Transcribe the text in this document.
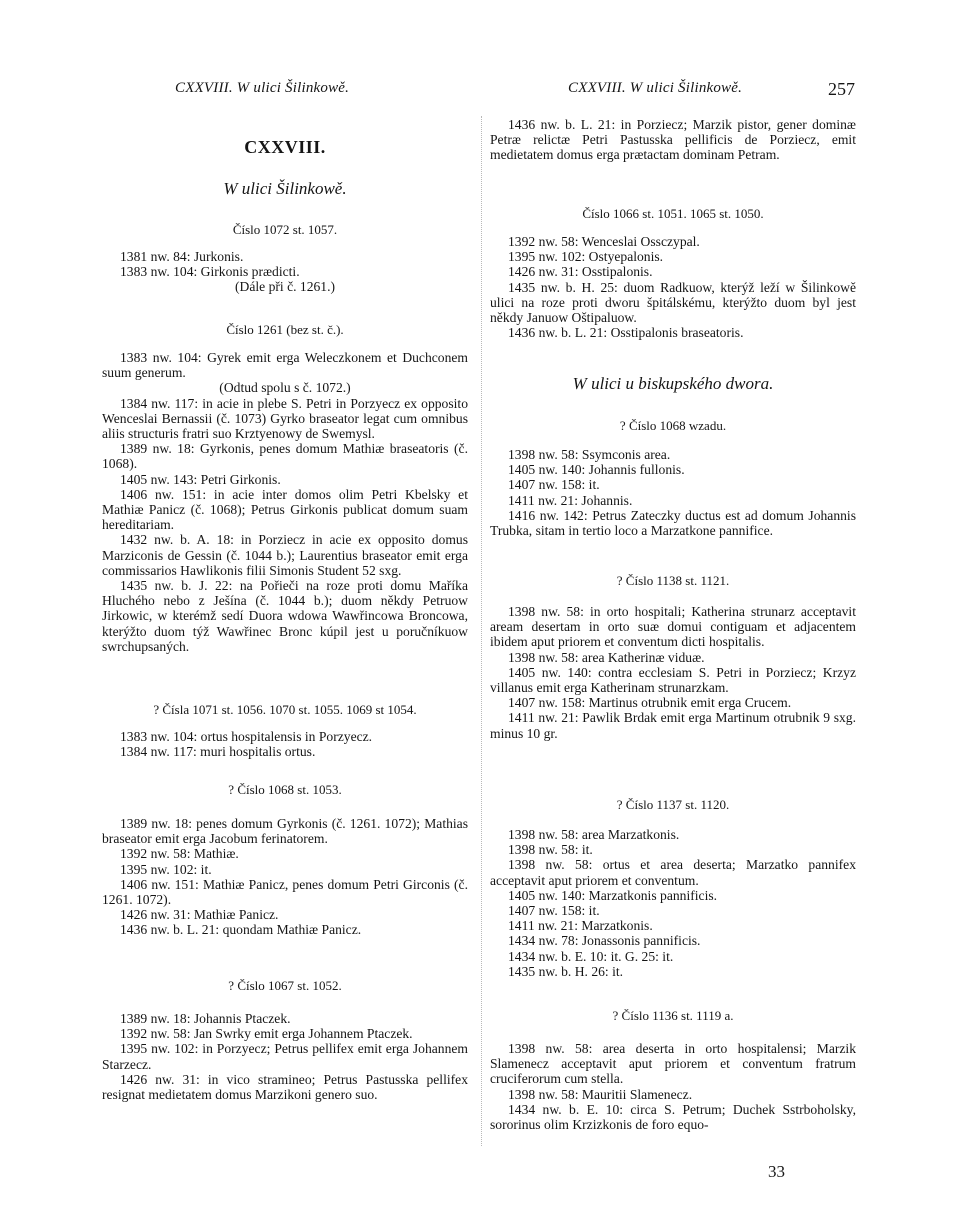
CXXVIII. W ulici Šilinkowě.	CXXVIII. W ulici Šilinkowě.	257
CXXVIII.
W ulici Šilinkowě.
Číslo 1072 st. 1057.

1381 nw. 84: Jurkonis.

1383 nw. 104: Girkonis prædicti.

(Dále při č. 1261.)

Číslo 1261 (bez st. č.).

1383 nw. 104: Gyrek emit erga Weleczkonem et Duchconem suum generum.

(Odtud spolu s č. 1072.)

1384 nw. 117: in acie in plebe S. Petri in Porzyecz ex opposito Wenceslai Bernassii (č. 1073) Gyrko braseator legat cum omnibus aliis structuris fratri suo Krztyenowy de Swemysl.

1389 nw. 18: Gyrkonis, penes domum Mathiæ braseatoris (č. 1068).

1405 nw. 143: Petri Girkonis.

1406 nw. 151: in acie inter domos olim Petri Kbelsky et Mathiæ Panicz (č. 1068); Petrus Girkonis publicat domum suam hereditariam.

1432 nw. b. A. 18: in Porziecz in acie ex opposito domus Marziconis de Gessin (č. 1044 b.); Laurentius braseator emit erga commissarios Hawlikonis filii Simonis Student 52 sxg.

1435 nw. b. J. 22: na Pořieči na roze proti domu Maříka Hluchého nebo z Ješína (č. 1044 b.); duom někdy Petruow Jirkowic, w kterémž sedí Duora wdowa Wawřincowa Broncowa, kterýžto duom týž Wawřinec Bronc kúpil jest u poručníkuow swrchupsaných.

? Čísla 1071 st. 1056. 1070 st. 1055. 1069 st 1054.

1383 nw. 104: ortus hospitalensis in Porzyecz.

1384 nw. 117: muri hospitalis ortus.

? Číslo 1068 st. 1053.

1389 nw. 18: penes domum Gyrkonis (č. 1261. 1072); Mathias braseator emit erga Jacobum ferinatorem.

1392 nw. 58: Mathiæ.

1395 nw. 102: it.

1406 nw. 151: Mathiæ Panicz, penes domum Petri Girconis (č. 1261. 1072).

1426 nw. 31: Mathiæ Panicz.

1436 nw. b. L. 21: quondam Mathiæ Panicz.

? Číslo 1067 st. 1052.

1389 nw. 18: Johannis Ptaczek.

1392 nw. 58: Jan Swrky emit erga Johannem Ptaczek.

1395 nw. 102: in Porzyecz; Petrus pellifex emit erga Johannem Starzecz.

1426 nw. 31: in vico stramineo; Petrus Pastusska pellifex resignat medietatem domus Marzikoni genero suo.

1436 nw. b. L. 21: in Porziecz; Marzik pistor, gener dominæ Petræ relictæ Petri Pastusska pellificis de Porziecz, emit medietatem domus erga prætactam dominam Petram.

Číslo 1066 st. 1051. 1065 st. 1050.

1392 nw. 58: Wenceslai Ossczypal.

1395 nw. 102: Ostyepalonis.

1426 nw. 31: Osstipalonis.

1435 nw. b. H. 25: duom Radkuow, kterýž leží w Šilinkowě ulici na roze proti dworu špitálskému, kterýžto duom byl jest někdy Januow Oštipaluow.

1436 nw. b. L. 21: Osstipalonis braseatoris.

W ulici u biskupského dwora.
? Číslo 1068 wzadu.

1398 nw. 58: Ssymconis area.

1405 nw. 140: Johannis fullonis.

1407 nw. 158: it.

1411 nw. 21: Johannis.

1416 nw. 142: Petrus Zateczky ductus est ad domum Johannis Trubka, sitam in tertio loco a Marzatkone pannifice.

? Číslo 1138 st. 1121.

1398 nw. 58: in orto hospitali; Katherina strunarz acceptavit aream desertam in orto suæ domui contiguam et adjacentem ibidem aput priorem et conventum dicti hospitalis.

1398 nw. 58: area Katherinæ viduæ.

1405 nw. 140: contra ecclesiam S. Petri in Porziecz; Krzyz villanus emit erga Katherinam strunarzkam.

1407 nw. 158: Martinus otrubnik emit erga Crucem.

1411 nw. 21: Pawlik Brdak emit erga Martinum otrubnik 9 sxg. minus 10 gr.

? Číslo 1137 st. 1120.

1398 nw. 58: area Marzatkonis.

1398 nw. 58: it.

1398 nw. 58: ortus et area deserta; Marzatko pannifex acceptavit aput priorem et conventum.

1405 nw. 140: Marzatkonis pannificis.

1407 nw. 158: it.

1411 nw. 21: Marzatkonis.

1434 nw. 78: Jonassonis pannificis.

1434 nw. b. E. 10: it. G. 25: it.

1435 nw. b. H. 26: it.

? Číslo 1136 st. 1119 a.

1398 nw. 58: area deserta in orto hospitalensi; Marzik Slamenecz acceptavit aput priorem et conventum fratrum cruciferorum cum stella.

1398 nw. 58: Mauritii Slamenecz.

1434 nw. b. E. 10: circa S. Petrum; Duchek Sstrboholsky, sororinus olim Krzizkonis de foro equo-

33
